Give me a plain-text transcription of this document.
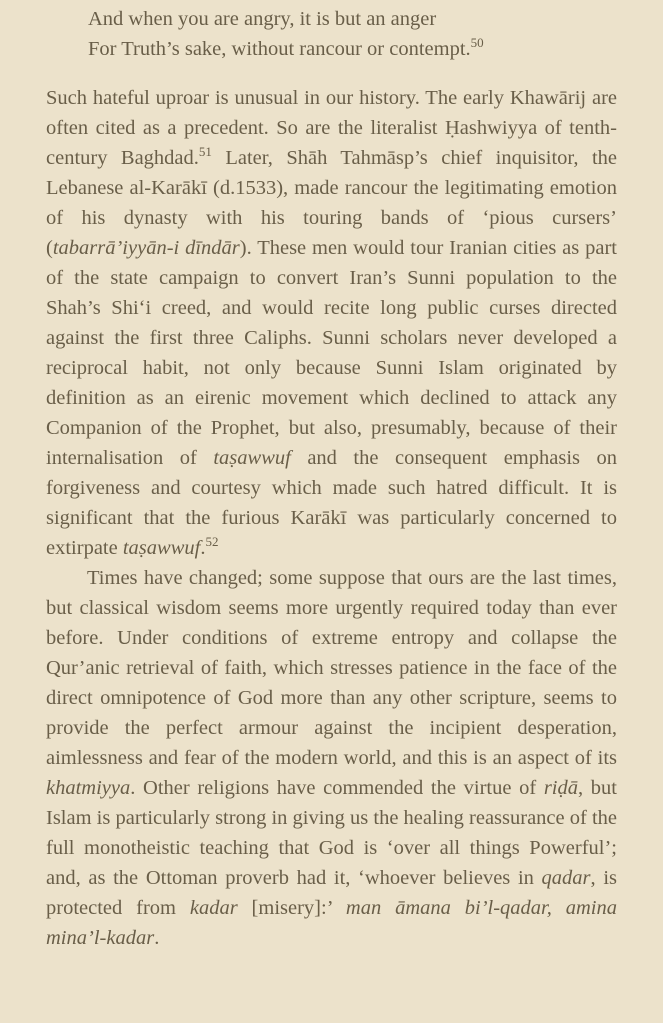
And when you are angry, it is but an anger
For Truth’s sake, without rancour or contempt.$^{50}$

Such hateful uproar is unusual in our history. The early Khawārij are often cited as a precedent. So are the literalist Ḥashwiyya of tenth-century Baghdad.$^{51}$ Later, Shāh Tahmāsp’s chief inquisitor, the Lebanese al-Karākī (d.1533), made rancour the legitimating emotion of his dynasty with his touring bands of ‘pious cursers’ (tabarrā’iyyān-i dīndār). These men would tour Iranian cities as part of the state campaign to convert Iran’s Sunni population to the Shah’s Shi‘i creed, and would recite long public curses directed against the first three Caliphs. Sunni scholars never developed a reciprocal habit, not only because Sunni Islam originated by definition as an eirenic movement which declined to attack any Companion of the Prophet, but also, presumably, because of their internalisation of taṣawwuf and the consequent emphasis on forgiveness and courtesy which made such hatred difficult. It is significant that the furious Karākī was particularly concerned to extirpate taṣawwuf.$^{52}$

Times have changed; some suppose that ours are the last times, but classical wisdom seems more urgently required today than ever before. Under conditions of extreme entropy and collapse the Qur’anic retrieval of faith, which stresses patience in the face of the direct omnipotence of God more than any other scripture, seems to provide the perfect armour against the incipient desperation, aimlessness and fear of the modern world, and this is an aspect of its khatmiyya. Other religions have commended the virtue of riḍā, but Islam is particularly strong in giving us the healing reassurance of the full monotheistic teaching that God is ‘over all things Powerful’; and, as the Ottoman proverb had it, ‘whoever believes in qadar, is protected from kadar [misery]:’ man āmana bi’l-qadar, amina mina’l-kadar.
